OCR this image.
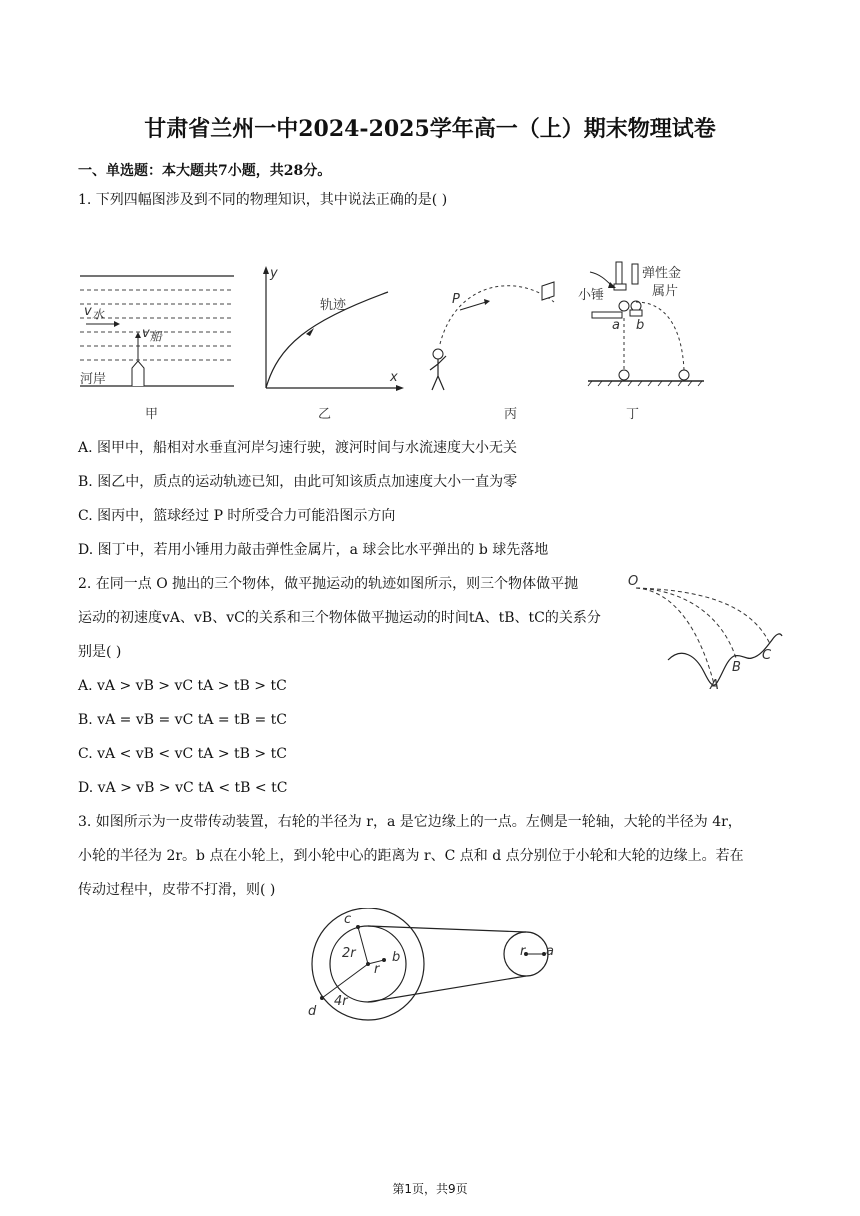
甘肃省兰州一中2024-2025学年高一（上）期末物理试卷
一、单选题：本大题共7小题，共28分。
1. 下列四幅图涉及到不同的物理知识，其中说法正确的是( )
$v_水$
$v_船$
河岸
甲
y
x
轨迹
乙
P
丙
弹性金
属片
小锤
a b
丁
A. 图甲中，船相对水垂直河岸匀速行驶，渡河时间与水流速度大小无关
B. 图乙中，质点的运动轨迹已知，由此可知该质点加速度大小一直为零
C. 图丙中，篮球经过 P 时所受合力可能沿图示方向
D. 图丁中，若用小锤用力敲击弹性金属片，a 球会比水平弹出的 b 球先落地
2. 在同一点 O 抛出的三个物体，做平抛运动的轨迹如图所示，则三个物体做平抛
运动的初速度vA、vB、vC的关系和三个物体做平抛运动的时间tA、tB、tC的关系分
别是( )
O
A
B
C
A. vA > vB > vC tA > tB > tC
B. vA = vB = vC tA = tB = tC
C. vA < vB < vC tA > tB > tC
D. vA > vB > vC tA < tB < tC
3. 如图所示为一皮带传动装置，右轮的半径为 r，a 是它边缘上的一点。左侧是一轮轴，大轮的半径为 4r，
小轮的半径为 2r。b 点在小轮上，到小轮中心的距离为 r、C 点和 d 点分别位于小轮和大轮的边缘上。若在
传动过程中，皮带不打滑，则( )
c
2r
r
b
4r
d
r a
第1页，共9页
